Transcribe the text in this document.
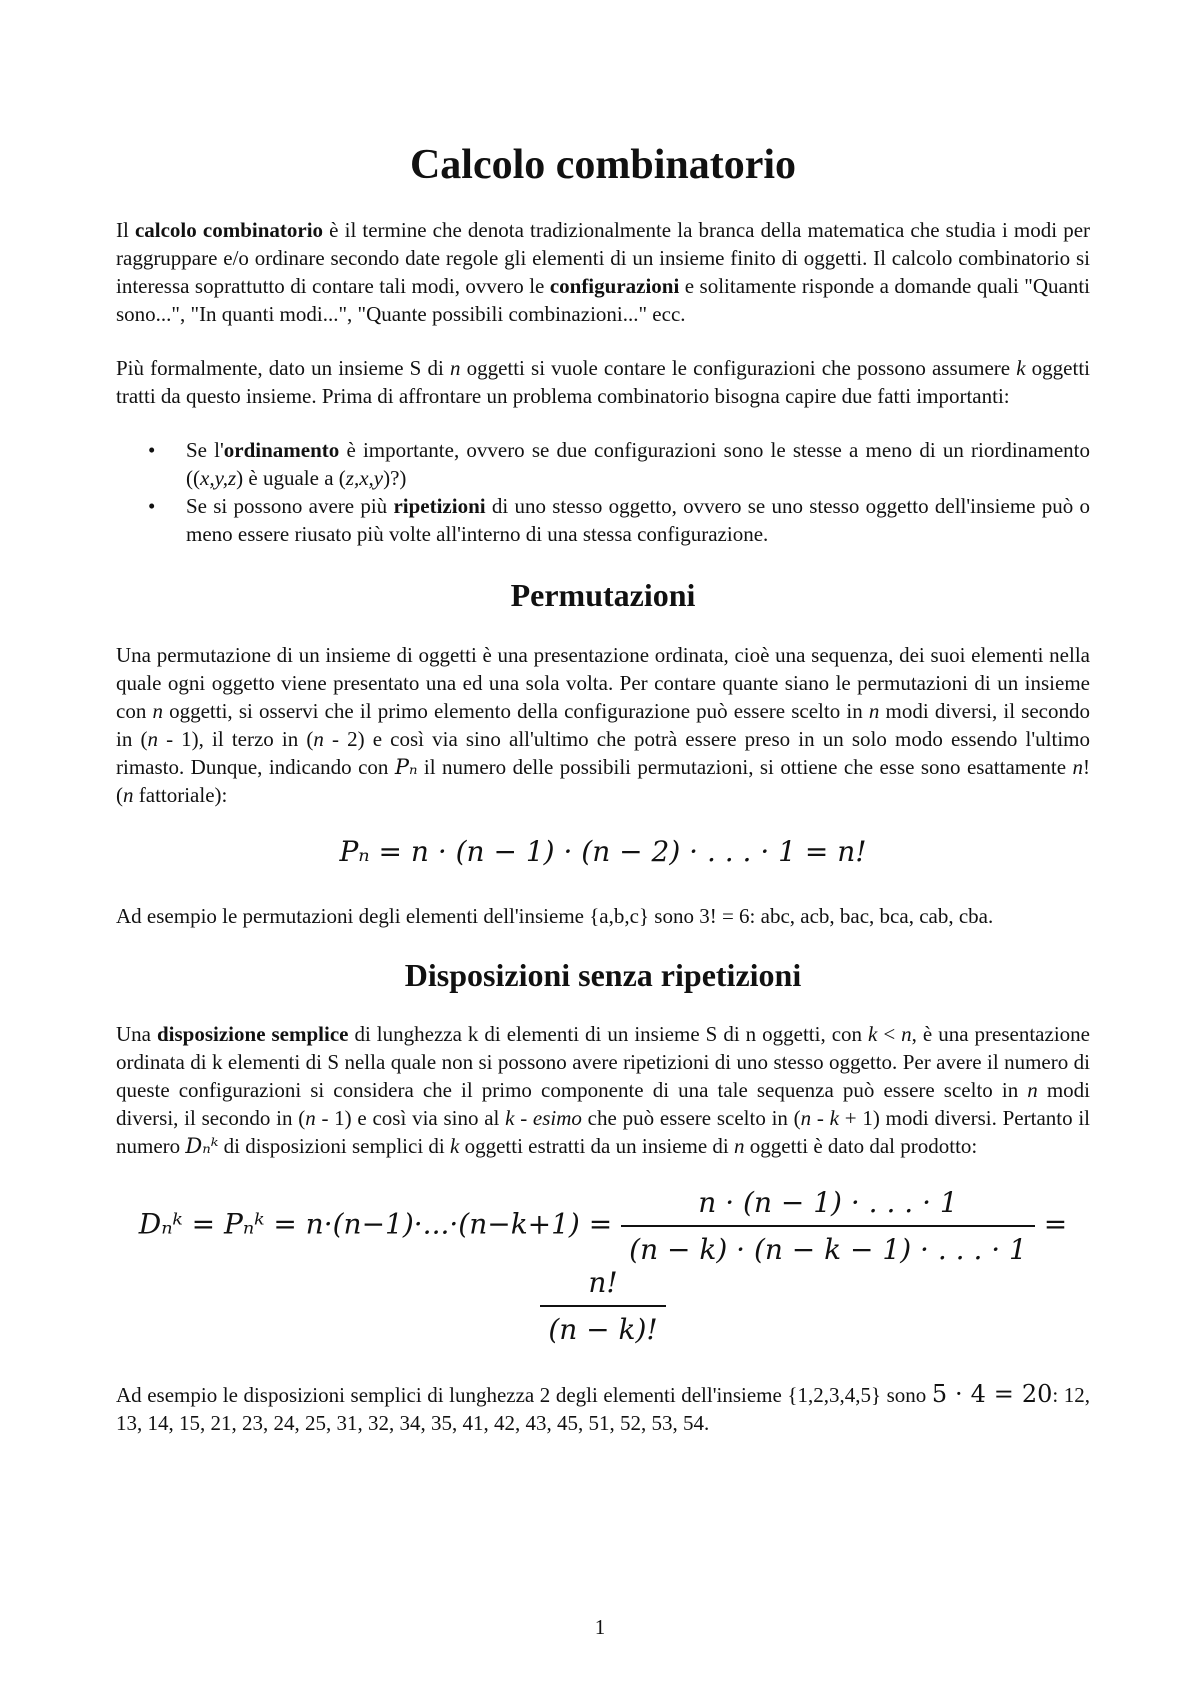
Calcolo combinatorio

Il calcolo combinatorio è il termine che denota tradizionalmente la branca della matematica che studia i modi per raggruppare e/o ordinare secondo date regole gli elementi di un insieme finito di oggetti. Il calcolo combinatorio si interessa soprattutto di contare tali modi, ovvero le configurazioni e solitamente risponde a domande quali "Quanti sono...", "In quanti modi...", "Quante possibili combinazioni..." ecc.

Più formalmente, dato un insieme S di n oggetti si vuole contare le configurazioni che possono assumere k oggetti tratti da questo insieme. Prima di affrontare un problema combinatorio bisogna capire due fatti importanti:

• Se l'ordinamento è importante, ovvero se due configurazioni sono le stesse a meno di un riordinamento ((x,y,z) è uguale a (z,x,y)?)
• Se si possono avere più ripetizioni di uno stesso oggetto, ovvero se uno stesso oggetto dell'insieme può o meno essere riusato più volte all'interno di una stessa configurazione.
Permutazioni

Una permutazione di un insieme di oggetti è una presentazione ordinata, cioè una sequenza, dei suoi elementi nella quale ogni oggetto viene presentato una ed una sola volta. Per contare quante siano le permutazioni di un insieme con n oggetti, si osservi che il primo elemento della configurazione può essere scelto in n modi diversi, il secondo in (n - 1), il terzo in (n - 2) e così via sino all'ultimo che potrà essere preso in un solo modo essendo l'ultimo rimasto. Dunque, indicando con Pₙ il numero delle possibili permutazioni, si ottiene che esse sono esattamente n! (n fattoriale):

Pₙ = n · (n − 1) · (n − 2) · . . . · 1 = n!

Ad esempio le permutazioni degli elementi dell'insieme {a,b,c} sono 3! = 6: abc, acb, bac, bca, cab, cba.

Disposizioni senza ripetizioni

Una disposizione semplice di lunghezza k di elementi di un insieme S di n oggetti, con k < n, è una presentazione ordinata di k elementi di S nella quale non si possono avere ripetizioni di uno stesso oggetto. Per avere il numero di queste configurazioni si considera che il primo componente di una tale sequenza può essere scelto in n modi diversi, il secondo in (n - 1) e così via sino al k - esimo che può essere scelto in (n - k + 1) modi diversi. Pertanto il numero Dₙᵏ di disposizioni semplici di k oggetti estratti da un insieme di n oggetti è dato dal prodotto:

Dₙᵏ = Pₙᵏ = $n\cdot(n-1)\cdot...\cdot(n-k+1) = \frac{n \cdot (n - 1) \cdot . . . \cdot 1}{(n - k) \cdot (n - k - 1) \cdot . . . \cdot 1}$ =
$\frac{n!}{(n - k)!}$

Ad esempio le disposizioni semplici di lunghezza 2 degli elementi dell'insieme {1,2,3,4,5} sono 5 · 4 = 20: 12, 13, 14, 15, 21, 23, 24, 25, 31, 32, 34, 35, 41, 42, 43, 45, 51, 52, 53, 54.

1
